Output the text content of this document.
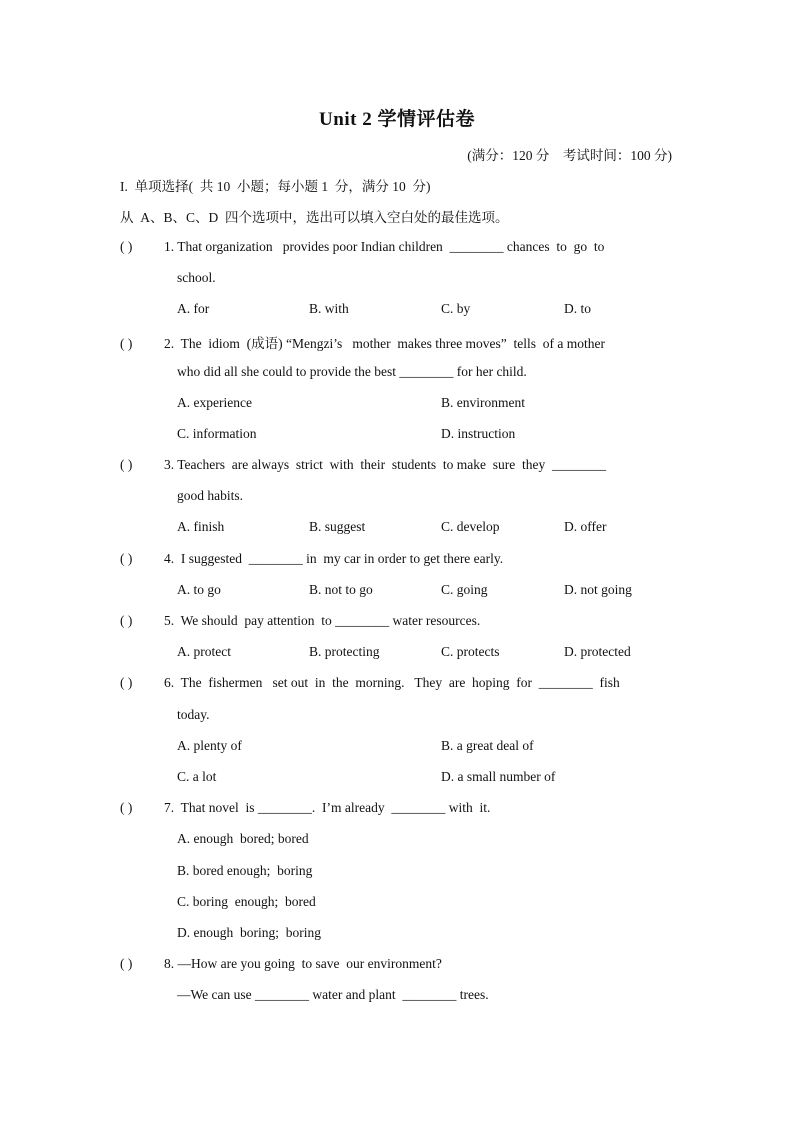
Unit 2 学情评估卷
(满分：120 分    考试时间：100 分)
I.  单项选择(  共 10  小题；每小题 1  分，满分 10  分)
从  A、B、C、D  四个选项中，选出可以填入空白处的最佳选项。
( )	1. That organization   provides poor Indian children  ________ chances  to  go  to
school.
A. for	B. with	C. by	D. to
( ) 2.  The  idiom  (成语) “Mengzi’s   mother  makes three moves”  tells  of a mother
who did all she could to provide the best ________ for her child.
A. experience	B. environment
C. information	D. instruction
( ) 3. Teachers  are always  strict  with  their  students  to make  sure  they  ________
good habits.
A. finish	B. suggest	C. develop	D. offer
( ) 4.  I suggested  ________ in  my car in order to get there early.
A. to go	B. not to go	C. going	D. not going
( ) 5.  We should  pay attention  to ________ water resources.
A. protect	B. protecting	C. protects	D. protected
( ) 6.  The  fishermen   set out  in  the  morning.   They  are  hoping  for  ________  fish
today.
A. plenty of	B. a great deal of
C. a lot	D. a small number of
( ) 7.  That novel  is ________.  I’m already  ________ with  it.
A. enough  bored; bored
B. bored enough;  boring
C. boring  enough;  bored
D. enough  boring;  boring
( ) 8. —How are you going  to save  our environment?
—We can use ________ water and plant  ________ trees.
